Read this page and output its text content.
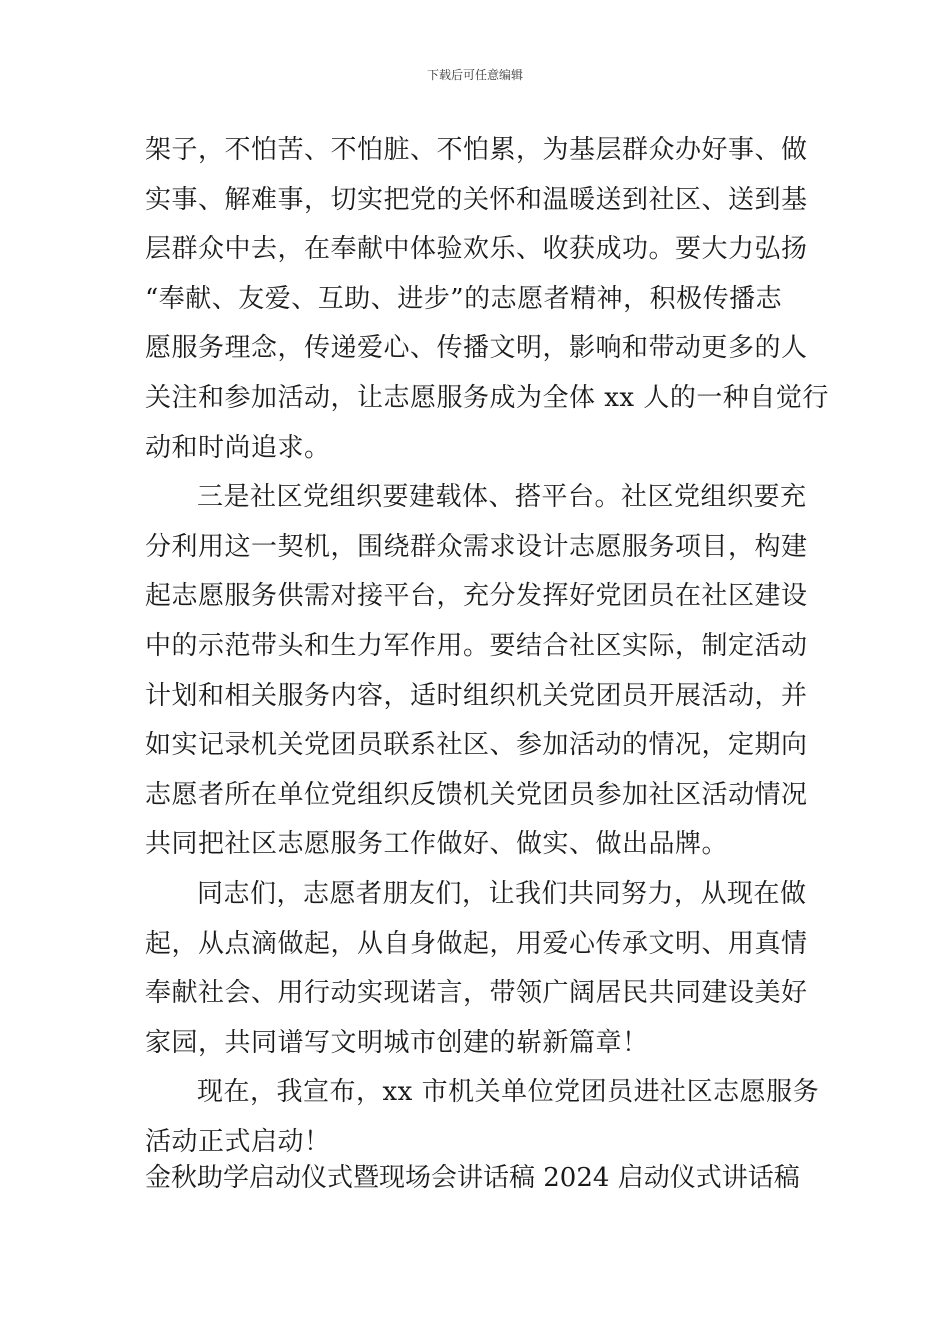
下载后可任意编辑
架子，不怕苦、不怕脏、不怕累，为基层群众办好事、做
实事、解难事，切实把党的关怀和温暖送到社区、送到基
层群众中去，在奉献中体验欢乐、收获成功。要大力弘扬
“奉献、友爱、互助、进步”的志愿者精神，积极传播志
愿服务理念，传递爱心、传播文明，影响和带动更多的人
关注和参加活动，让志愿服务成为全体 xx 人的一种自觉行
动和时尚追求。
三是社区党组织要建载体、搭平台。社区党组织要充
分利用这一契机，围绕群众需求设计志愿服务项目，构建
起志愿服务供需对接平台，充分发挥好党团员在社区建设
中的示范带头和生力军作用。要结合社区实际，制定活动
计划和相关服务内容，适时组织机关党团员开展活动，并
如实记录机关党团员联系社区、参加活动的情况，定期向
志愿者所在单位党组织反馈机关党团员参加社区活动情况
共同把社区志愿服务工作做好、做实、做出品牌。
同志们，志愿者朋友们，让我们共同努力，从现在做
起，从点滴做起，从自身做起，用爱心传承文明、用真情
奉献社会、用行动实现诺言，带领广阔居民共同建设美好
家园，共同谱写文明城市创建的崭新篇章！
现在，我宣布，xx 市机关单位党团员进社区志愿服务
活动正式启动！
金秋助学启动仪式暨现场会讲话稿 2024 启动仪式讲话稿
